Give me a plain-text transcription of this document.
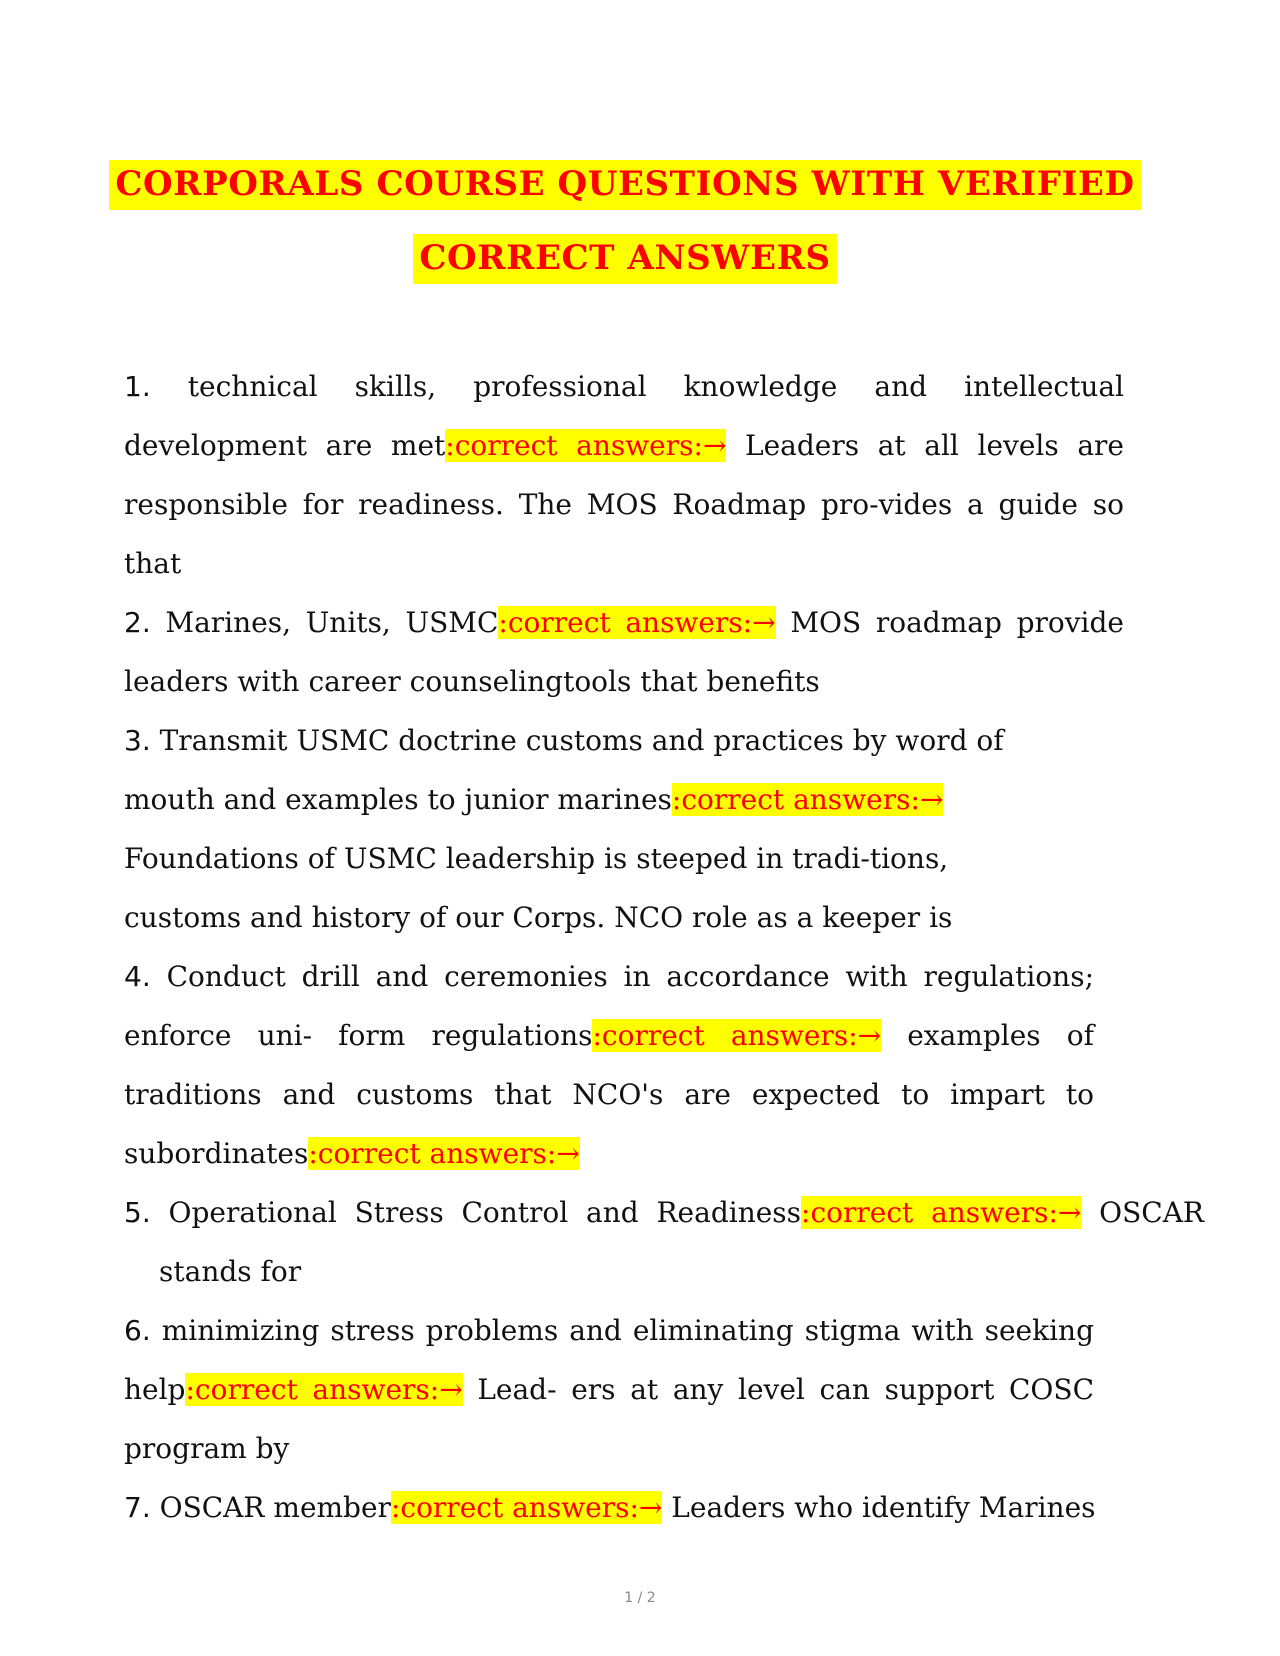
CORPORALS COURSE QUESTIONS WITH VERIFIED
CORRECT ANSWERS
1. technical skills, professional knowledge and intellectual development are met:correct answers:→ Leaders at all levels are responsible for readiness. The MOS Roadmap pro-vides a guide so that
2. Marines, Units, USMC:correct answers:→ MOS roadmap provide leaders with career counselingtools that benefits
3. Transmit USMC doctrine customs and practices by word of mouth and examples to junior marines:correct answers:→ Foundations of USMC leadership is steeped in tradi-tions, customs and history of our Corps. NCO role as a keeper is
4. Conduct drill and ceremonies in accordance with regulations; enforce uni- form regulations:correct answers:→ examples of traditions and customs that NCO's are expected to impart to subordinates:correct answers:→
5. Operational Stress Control and Readiness:correct answers:→ OSCAR stands for
6. minimizing stress problems and eliminating stigma with seeking help:correct answers:→ Lead- ers at any level can support COSC program by
7. OSCAR member:correct answers:→ Leaders who identify Marines
1 / 2
